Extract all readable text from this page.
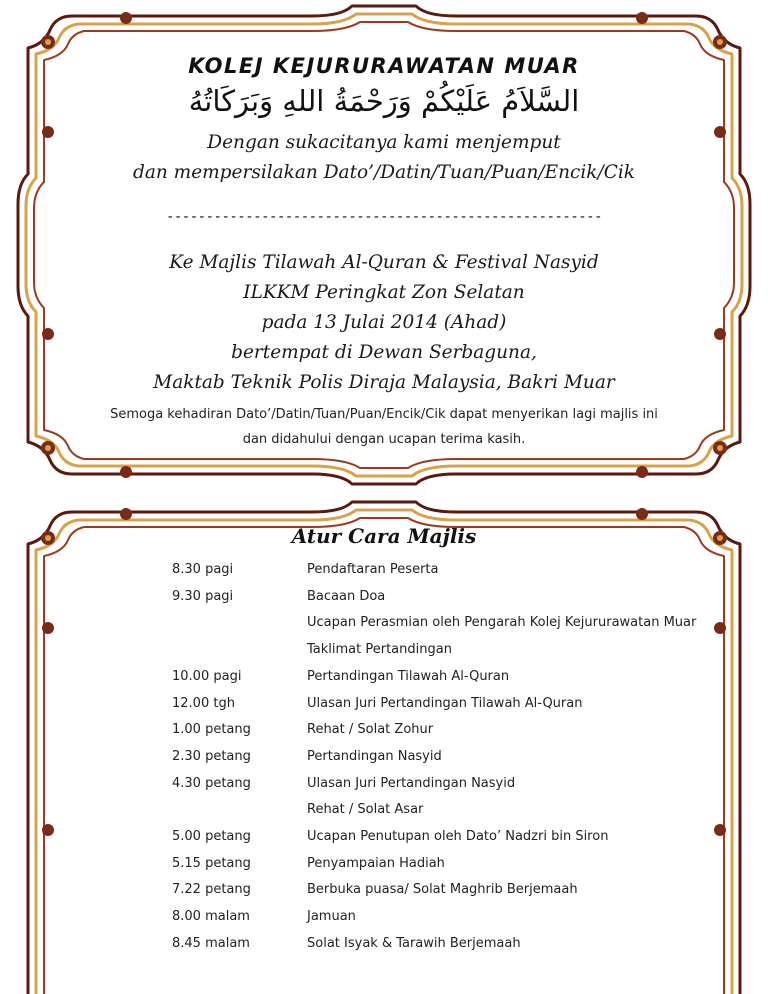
KOLEJ KEJURURAWATAN MUAR
السَّلاَمُ عَلَيْكُمْ وَرَحْمَةُ اللهِ وَبَرَكَاتُهُ
Dengan sukacitanya kami menjemput
dan mempersilakan Dato’/Datin/Tuan/Puan/Encik/Cik
-------------------------------------------------------
Ke Majlis Tilawah Al-Quran & Festival Nasyid
ILKKM Peringkat Zon Selatan
pada 13 Julai 2014 (Ahad)
bertempat di Dewan Serbaguna,
Maktab Teknik Polis Diraja Malaysia, Bakri Muar
Semoga kehadiran Dato’/Datin/Tuan/Puan/Encik/Cik dapat menyerikan lagi majlis ini
dan didahului dengan ucapan terima kasih.
Atur Cara Majlis
8.30 pagi	Pendaftaran Peserta
9.30 pagi	Bacaan Doa
Ucapan Perasmian oleh Pengarah Kolej Kejururawatan Muar
Taklimat Pertandingan
10.00 pagi	Pertandingan Tilawah Al-Quran
12.00 tgh	Ulasan Juri Pertandingan Tilawah Al-Quran
1.00 petang	Rehat / Solat Zohur
2.30 petang	Pertandingan Nasyid
4.30 petang	Ulasan Juri Pertandingan Nasyid
Rehat / Solat Asar
5.00 petang	Ucapan Penutupan oleh Dato’ Nadzri bin Siron
5.15 petang	Penyampaian Hadiah
7.22 petang	Berbuka puasa/ Solat Maghrib Berjemaah
8.00 malam	Jamuan
8.45 malam	Solat Isyak & Tarawih Berjemaah
